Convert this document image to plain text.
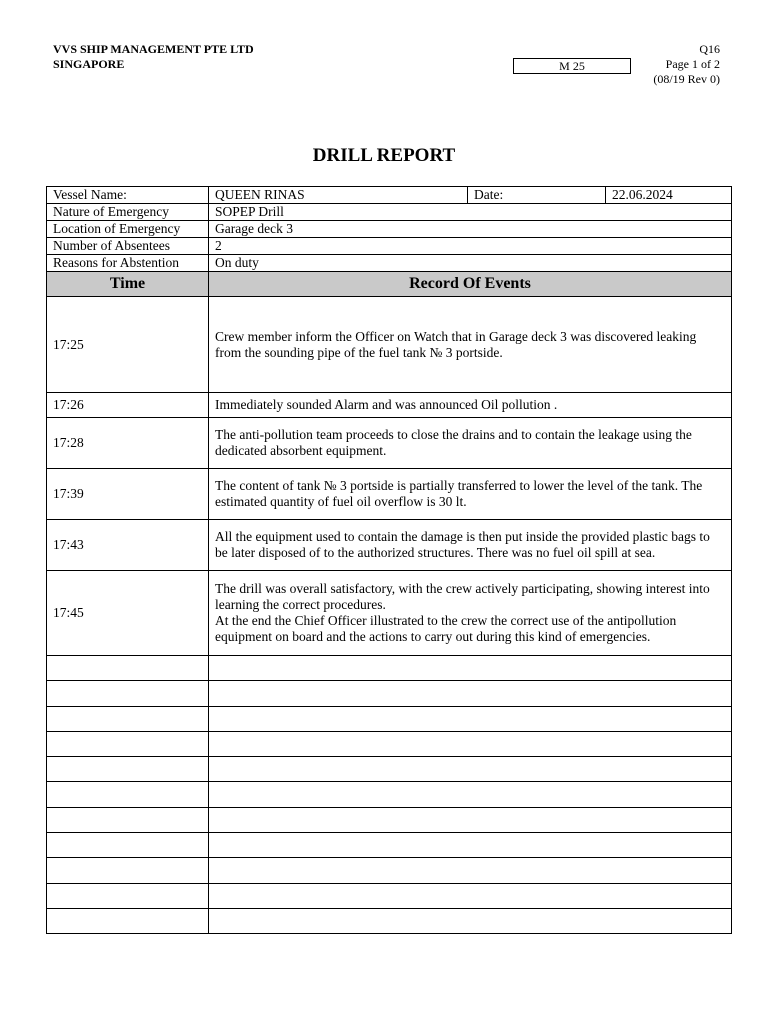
VVS SHIP MANAGEMENT PTE LTD
SINGAPORE
Q16
Page 1 of 2
(08/19 Rev 0)
M 25
DRILL REPORT
Vessel Name:	QUEEN RINAS	Date:	22.06.2024
Nature of Emergency	SOPEP Drill		
Location of Emergency	Garage deck 3		
Number of Absentees	2		
Reasons for Abstention	On duty		
Time	Record Of Events		
17:25	Crew member inform the Officer on Watch that in Garage deck 3 was discovered leaking from the sounding pipe of the fuel tank № 3 portside.		
17:26	Immediately sounded Alarm and was announced Oil pollution .		
17:28	The anti-pollution team proceeds to close the drains and to contain the leakage using the dedicated absorbent equipment.		
17:39	The content of tank № 3 portside is partially transferred to lower the level of the tank. The estimated quantity of fuel oil overflow is 30 lt.		
17:43	All the equipment used to contain the damage is then put inside the provided plastic bags to be later disposed of to the authorized structures. There was no fuel oil spill at sea.		
17:45	The drill was overall satisfactory, with the crew actively participating, showing interest into learning the correct procedures.
At the end the Chief Officer illustrated to the crew the correct use of the antipollution equipment on board and the actions to carry out during this kind of emergencies.		
